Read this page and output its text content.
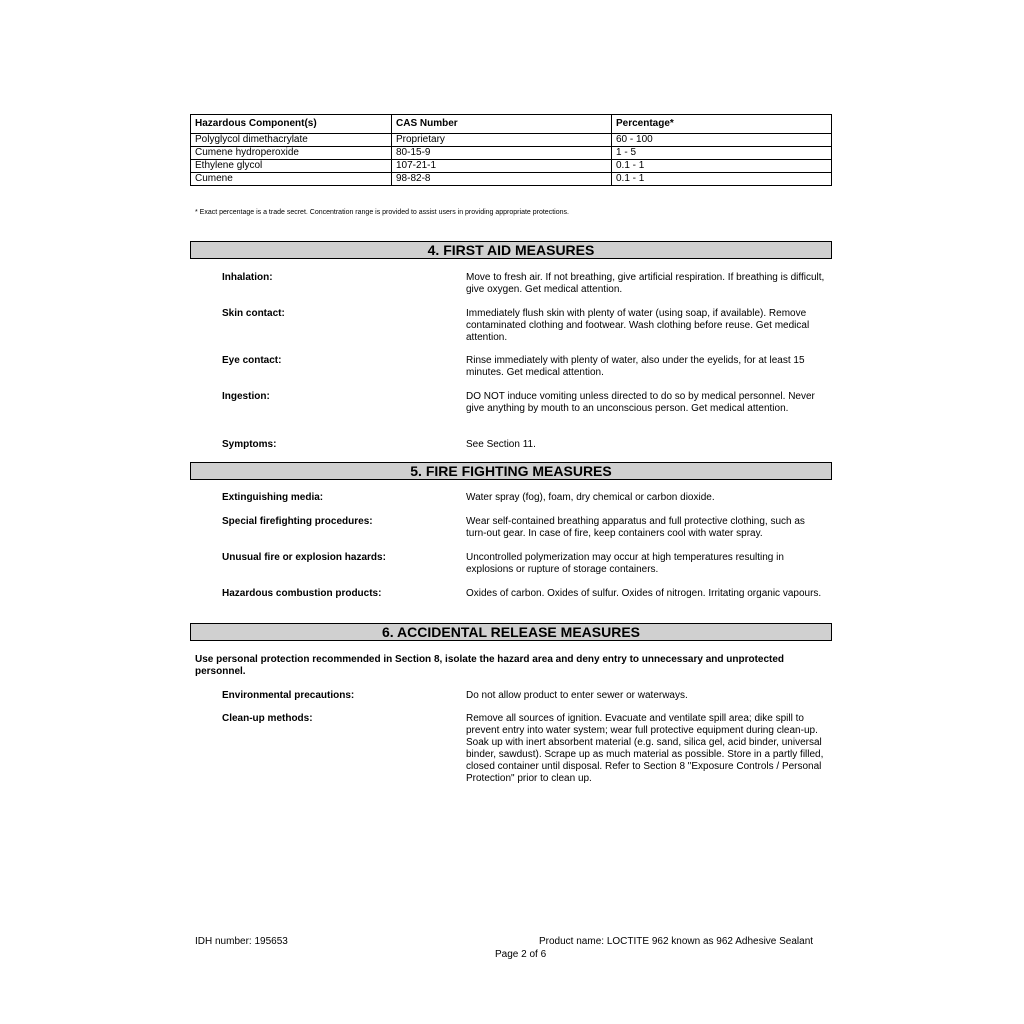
Hazardous Component(s)	CAS Number	Percentage*
Polyglycol dimethacrylate	Proprietary	60 - 100
Cumene hydroperoxide	80-15-9	1 - 5
Ethylene glycol	107-21-1	0.1 - 1
Cumene	98-82-8	0.1 - 1
* Exact percentage is a trade secret. Concentration range is provided to assist users in providing appropriate protections.
4. FIRST AID MEASURES
Inhalation:	Move to fresh air. If not breathing, give artificial respiration. If breathing is difficult, give oxygen. Get medical attention.
Skin contact:	Immediately flush skin with plenty of water (using soap, if available). Remove contaminated clothing and footwear. Wash clothing before reuse. Get medical attention.
Eye contact:	Rinse immediately with plenty of water, also under the eyelids, for at least 15 minutes. Get medical attention.
Ingestion:	DO NOT induce vomiting unless directed to do so by medical personnel. Never give anything by mouth to an unconscious person. Get medical attention.
Symptoms:	See Section 11.
5. FIRE FIGHTING MEASURES
Extinguishing media:	Water spray (fog), foam, dry chemical or carbon dioxide.
Special firefighting procedures:	Wear self-contained breathing apparatus and full protective clothing, such as turn-out gear. In case of fire, keep containers cool with water spray.
Unusual fire or explosion hazards:	Uncontrolled polymerization may occur at high temperatures resulting in explosions or rupture of storage containers.
Hazardous combustion products:	Oxides of carbon. Oxides of sulfur. Oxides of nitrogen. Irritating organic vapours.
6. ACCIDENTAL RELEASE MEASURES
Use personal protection recommended in Section 8, isolate the hazard area and deny entry to unnecessary and unprotected personnel.
Environmental precautions:	Do not allow product to enter sewer or waterways.
Clean-up methods:	Remove all sources of ignition. Evacuate and ventilate spill area; dike spill to prevent entry into water system; wear full protective equipment during clean-up. Soak up with inert absorbent material (e.g. sand, silica gel, acid binder, universal binder, sawdust). Scrape up as much material as possible. Store in a partly filled, closed container until disposal. Refer to Section 8 "Exposure Controls / Personal Protection" prior to clean up.
IDH number: 195653	Product name: LOCTITE 962 known as 962 Adhesive Sealant
Page 2 of 6
